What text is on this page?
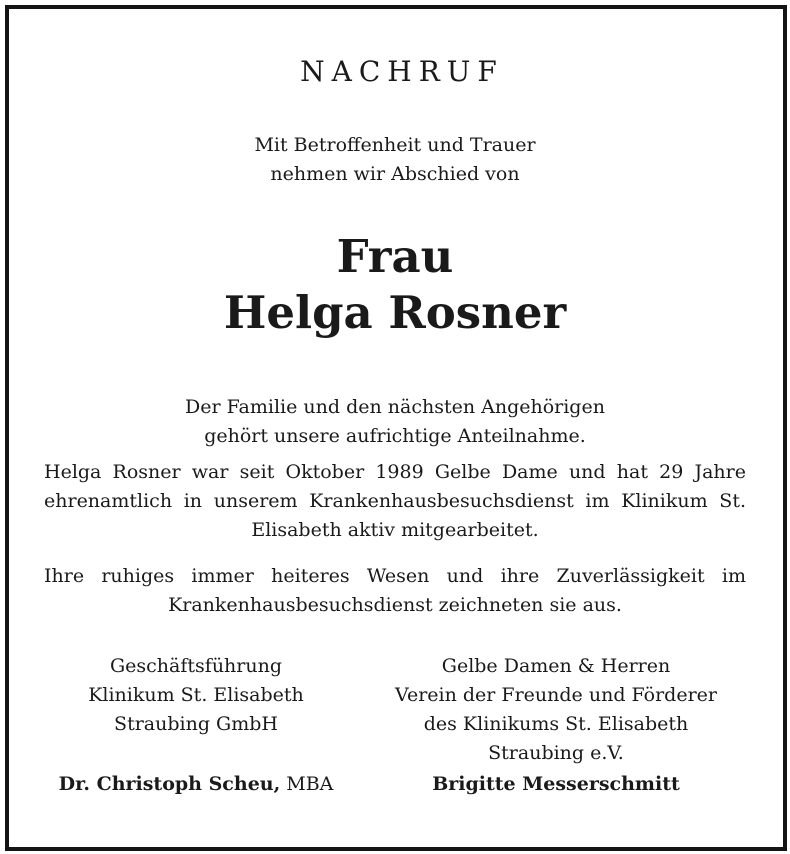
NACHRUF
Mit Betroffenheit und Trauer
nehmen wir Abschied von
Frau
Helga Rosner
Der Familie und den nächsten Angehörigen
gehört unsere aufrichtige Anteilnahme.
Helga Rosner war seit Oktober 1989 Gelbe Dame und hat 29 Jahre ehrenamtlich in unserem Krankenhausbesuchsdienst im Klinikum St. Elisabeth aktiv mitgearbeitet.
Ihre ruhiges immer heiteres Wesen und ihre Zuverlässigkeit im Krankenhausbesuchsdienst zeichneten sie aus.
Geschäftsführung
Klinikum St. Elisabeth
Straubing GmbH
Gelbe Damen & Herren
Verein der Freunde und Förderer
des Klinikums St. Elisabeth
Straubing e.V.
Dr. Christoph Scheu, MBA	Brigitte Messerschmitt
